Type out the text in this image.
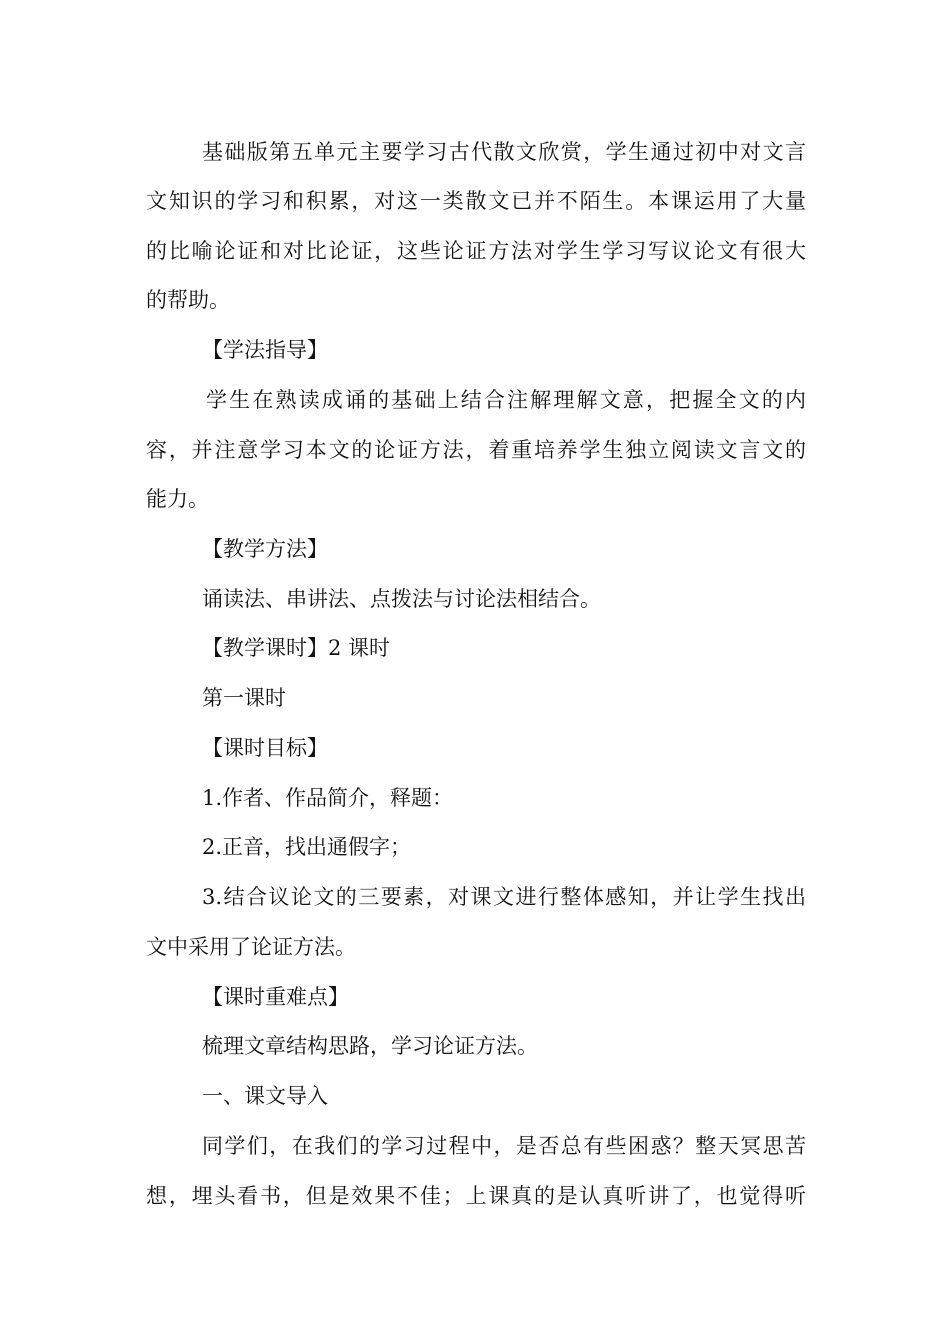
基础版第五单元主要学习古代散文欣赏，学生通过初中对文言
文知识的学习和积累，对这一类散文已并不陌生。本课运用了大量
的比喻论证和对比论证，这些论证方法对学生学习写议论文有很大
的帮助。
【学法指导】
学生在熟读成诵的基础上结合注解理解文意，把握全文的内
容，并注意学习本文的论证方法，着重培养学生独立阅读文言文的
能力。
【教学方法】
诵读法、串讲法、点拨法与讨论法相结合。
【教学课时】2 课时
第一课时
【课时目标】
1.作者、作品简介，释题：
2.正音，找出通假字；
3.结合议论文的三要素，对课文进行整体感知，并让学生找出
文中采用了论证方法。
【课时重难点】
梳理文章结构思路，学习论证方法。
一、课文导入
同学们，在我们的学习过程中，是否总有些困惑？整天冥思苦
想，埋头看书，但是效果不佳；上课真的是认真听讲了，也觉得听
